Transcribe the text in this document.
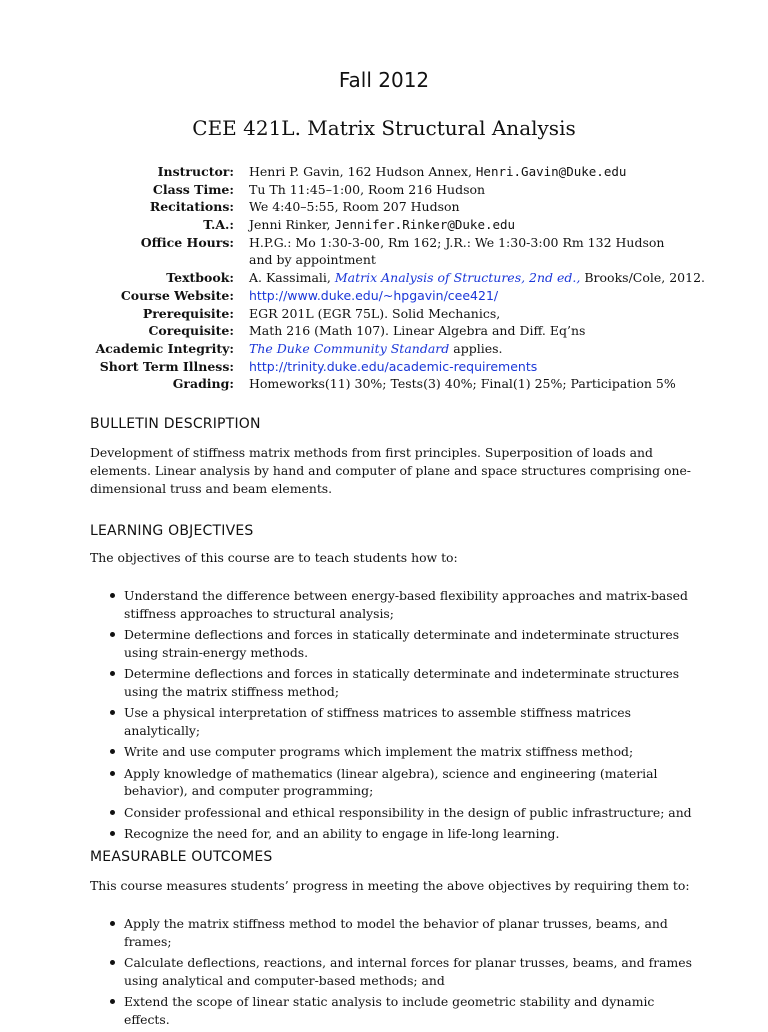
Fall 2012
CEE 421L. Matrix Structural Analysis
Instructor: Henri P. Gavin, 162 Hudson Annex, Henri.Gavin@Duke.edu
Class Time: Tu Th 11:45–1:00, Room 216 Hudson
Recitations: We 4:40–5:55, Room 207 Hudson
T.A.: Jenni Rinker, Jennifer.Rinker@Duke.edu
Office Hours: H.P.G.: Mo 1:30-3-00, Rm 162; J.R.: We 1:30-3:00 Rm 132 Hudson
and by appointment
Textbook: A. Kassimali, Matrix Analysis of Structures, 2nd ed., Brooks/Cole, 2012.
Course Website: http://www.duke.edu/~hpgavin/cee421/
Prerequisite: EGR 201L (EGR 75L). Solid Mechanics,
Corequisite: Math 216 (Math 107). Linear Algebra and Diff. Eq’ns
Academic Integrity: The Duke Community Standard applies.
Short Term Illness: http://trinity.duke.edu/academic-requirements
Grading: Homeworks(11) 30%; Tests(3) 40%; Final(1) 25%; Participation 5%
BULLETIN DESCRIPTION
Development of stiffness matrix methods from first principles. Superposition of loads and elements. Linear analysis by hand and computer of plane and space structures comprising one-dimensional truss and beam elements.
LEARNING OBJECTIVES
The objectives of this course are to teach students how to:
Understand the difference between energy-based flexibility approaches and matrix-based stiffness approaches to structural analysis;
Determine deflections and forces in statically determinate and indeterminate structures using strain-energy methods.
Determine deflections and forces in statically determinate and indeterminate structures using the matrix stiffness method;
Use a physical interpretation of stiffness matrices to assemble stiffness matrices analytically;
Write and use computer programs which implement the matrix stiffness method;
Apply knowledge of mathematics (linear algebra), science and engineering (material behavior), and computer programming;
Consider professional and ethical responsibility in the design of public infrastructure; and
Recognize the need for, and an ability to engage in life-long learning.
MEASURABLE OUTCOMES
This course measures students’ progress in meeting the above objectives by requiring them to:
Apply the matrix stiffness method to model the behavior of planar trusses, beams, and frames;
Calculate deflections, reactions, and internal forces for planar trusses, beams, and frames using analytical and computer-based methods; and
Extend the scope of linear static analysis to include geometric stability and dynamic effects.
